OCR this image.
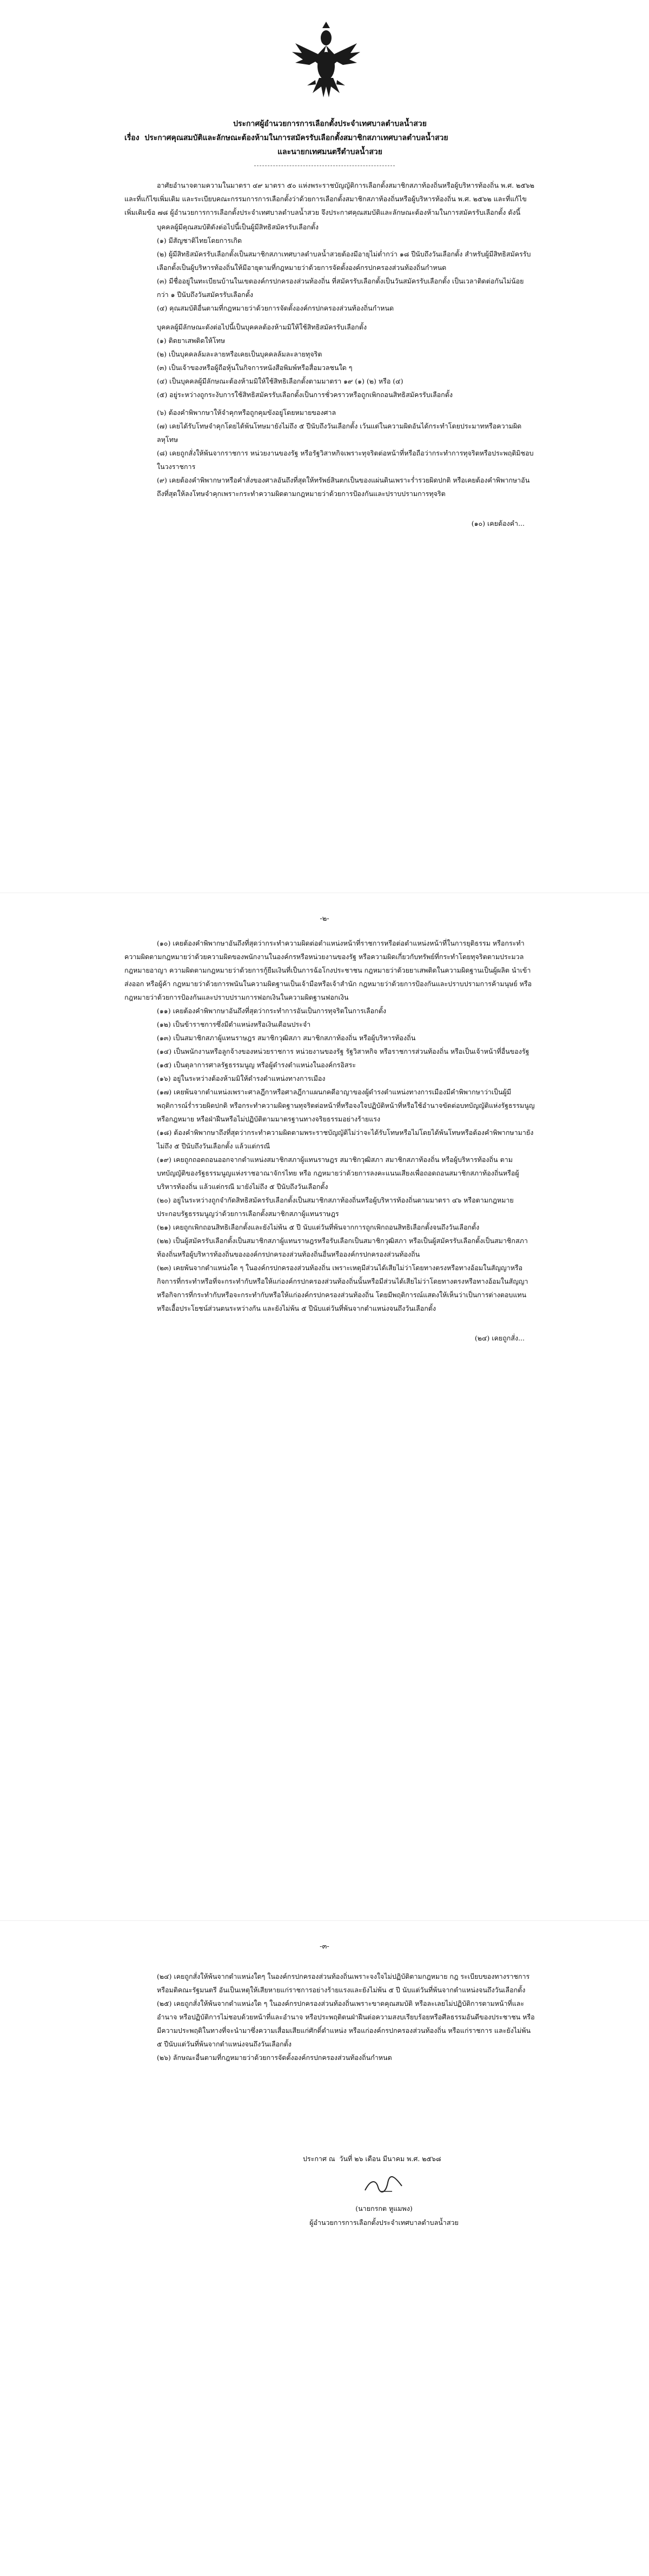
ประกาศผู้อำนวยการการเลือกตั้งประจำเทศบาลตำบลน้ำสวย
เรื่อง ประกาศคุณสมบัติและลักษณะต้องห้ามในการสมัครรับเลือกตั้งสมาชิกสภาเทศบาลตำบลน้ำสวย
และนายกเทศมนตรีตำบลน้ำสวย

อาศัยอำนาจตามความในมาตรา ๔๙ มาตรา ๕๐ แห่งพระราชบัญญัติการเลือกตั้งสมาชิกสภาท้องถิ่นหรือผู้บริหารท้องถิ่น พ.ศ. ๒๕๖๒ และที่แก้ไขเพิ่มเติม และระเบียบคณะกรรมการการเลือกตั้งว่าด้วยการเลือกตั้งสมาชิกสภาท้องถิ่นหรือผู้บริหารท้องถิ่น พ.ศ. ๒๕๖๒ และที่แก้ไขเพิ่มเติมข้อ ๗๘ ผู้อำนวยการการเลือกตั้งประจำเทศบาลตำบลน้ำสวย จึงประกาศคุณสมบัติและลักษณะต้องห้ามในการสมัครรับเลือกตั้ง ดังนี้

บุคคลผู้มีคุณสมบัติดังต่อไปนี้เป็นผู้มีสิทธิสมัครรับเลือกตั้ง

(๑) มีสัญชาติไทยโดยการเกิด

(๒) ผู้มีสิทธิสมัครรับเลือกตั้งเป็นสมาชิกสภาเทศบาลตำบลน้ำสวยต้องมีอายุไม่ต่ำกว่า ๑๘ ปีนับถึงวันเลือกตั้ง สำหรับผู้มีสิทธิสมัครรับเลือกตั้งเป็นผู้บริหารท้องถิ่นให้มีอายุตามที่กฎหมายว่าด้วยการจัดตั้งองค์กรปกครองส่วนท้องถิ่นกำหนด

(๓) มีชื่ออยู่ในทะเบียนบ้านในเขตองค์กรปกครองส่วนท้องถิ่น ที่สมัครรับเลือกตั้งเป็นวันสมัครรับเลือกตั้ง เป็นเวลาติดต่อกันไม่น้อยกว่า ๑ ปีนับถึงวันสมัครรับเลือกตั้ง

(๔) คุณสมบัติอื่นตามที่กฎหมายว่าด้วยการจัดตั้งองค์กรปกครองส่วนท้องถิ่นกำหนด

บุคคลผู้มีลักษณะดังต่อไปนี้เป็นบุคคลต้องห้ามมิให้ใช้สิทธิสมัครรับเลือกตั้ง

(๑) ติดยาเสพติดให้โทษ

(๒) เป็นบุคคลล้มละลายหรือเคยเป็นบุคคลล้มละลายทุจริต

(๓) เป็นเจ้าของหรือผู้ถือหุ้นในกิจการหนังสือพิมพ์หรือสื่อมวลชนใด ๆ

(๔) เป็นบุคคลผู้มีลักษณะต้องห้ามมิให้ใช้สิทธิเลือกตั้งตามมาตรา ๑๙ (๑) (๒) หรือ (๔)

(๕) อยู่ระหว่างถูกระงับการใช้สิทธิสมัครรับเลือกตั้งเป็นการชั่วคราวหรือถูกเพิกถอนสิทธิสมัครรับเลือกตั้ง

(๖) ต้องคำพิพากษาให้จำคุกหรือถูกคุมขังอยู่โดยหมายของศาล

(๗) เคยได้รับโทษจำคุกโดยได้พ้นโทษมายังไม่ถึง ๕ ปีนับถึงวันเลือกตั้ง เว้นแต่ในความผิดอันได้กระทำโดยประมาทหรือความผิดลหุโทษ

(๘) เคยถูกสั่งให้พ้นจากราชการ หน่วยงานของรัฐ หรือรัฐวิสาหกิจเพราะทุจริตต่อหน้าที่หรือถือว่ากระทำการทุจริตหรือประพฤติมิชอบในวงราชการ

(๙) เคยต้องคำพิพากษาหรือคำสั่งของศาลอันถึงที่สุดให้ทรัพย์สินตกเป็นของแผ่นดินเพราะร่ำรวยผิดปกติ หรือเคยต้องคำพิพากษาอันถึงที่สุดให้ลงโทษจำคุกเพราะกระทำความผิดตามกฎหมายว่าด้วยการป้องกันและปราบปรามการทุจริต

(๑๐) เคยต้องคำ...

-๒-

(๑๐) เคยต้องคำพิพากษาอันถึงที่สุดว่ากระทำความผิดต่อตำแหน่งหน้าที่ราชการหรือต่อตำแหน่งหน้าที่ในการยุติธรรม หรือกระทำความผิดตามกฎหมายว่าด้วยความผิดของพนักงานในองค์กรหรือหน่วยงานของรัฐ หรือความผิดเกี่ยวกับทรัพย์ที่กระทำโดยทุจริตตามประมวลกฎหมายอาญา ความผิดตามกฎหมายว่าด้วยการกู้ยืมเงินที่เป็นการฉ้อโกงประชาชน กฎหมายว่าด้วยยาเสพติดในความผิดฐานเป็นผู้ผลิต นำเข้า ส่งออก หรือผู้ค้า กฎหมายว่าด้วยการพนันในความผิดฐานเป็นเจ้ามือหรือเจ้าสำนัก กฎหมายว่าด้วยการป้องกันและปราบปรามการค้ามนุษย์ หรือ กฎหมายว่าด้วยการป้องกันและปราบปรามการฟอกเงินในความผิดฐานฟอกเงิน

(๑๑) เคยต้องคำพิพากษาอันถึงที่สุดว่ากระทำการอันเป็นการทุจริตในการเลือกตั้ง

(๑๒) เป็นข้าราชการซึ่งมีตำแหน่งหรือเงินเดือนประจำ

(๑๓) เป็นสมาชิกสภาผู้แทนราษฎร สมาชิกวุฒิสภา สมาชิกสภาท้องถิ่น หรือผู้บริหารท้องถิ่น

(๑๔) เป็นพนักงานหรือลูกจ้างของหน่วยราชการ หน่วยงานของรัฐ รัฐวิสาหกิจ หรือราชการส่วนท้องถิ่น หรือเป็นเจ้าหน้าที่อื่นของรัฐ

(๑๕) เป็นตุลาการศาลรัฐธรรมนูญ หรือผู้ดำรงตำแหน่งในองค์กรอิสระ

(๑๖) อยู่ในระหว่างต้องห้ามมิให้ดำรงตำแหน่งทางการเมือง

(๑๗) เคยพ้นจากตำแหน่งเพราะศาลฎีกาหรือศาลฎีกาแผนกคดีอาญาของผู้ดำรงตำแหน่งทางการเมืองมีคำพิพากษาว่าเป็นผู้มีพฤติการณ์ร่ำรวยผิดปกติ หรือกระทำความผิดฐานทุจริตต่อหน้าที่หรือจงใจปฏิบัติหน้าที่หรือใช้อำนาจขัดต่อบทบัญญัติแห่งรัฐธรรมนูญหรือกฎหมาย หรือฝ่าฝืนหรือไม่ปฏิบัติตามมาตรฐานทางจริยธรรมอย่างร้ายแรง

(๑๘) ต้องคำพิพากษาถึงที่สุดว่ากระทำความผิดตามพระราชบัญญัติไม่ว่าจะได้รับโทษหรือไม่โดยได้พ้นโทษหรือต้องคำพิพากษามายังไม่ถึง ๕ ปีนับถึงวันเลือกตั้ง แล้วแต่กรณี

(๑๙) เคยถูกถอดถอนออกจากตำแหน่งสมาชิกสภาผู้แทนราษฎร สมาชิกวุฒิสภา สมาชิกสภาท้องถิ่น หรือผู้บริหารท้องถิ่น ตามบทบัญญัติของรัฐธรรมนูญแห่งราชอาณาจักรไทย หรือ กฎหมายว่าด้วยการลงคะแนนเสียงเพื่อถอดถอนสมาชิกสภาท้องถิ่นหรือผู้บริหารท้องถิ่น แล้วแต่กรณี มายังไม่ถึง ๕ ปีนับถึงวันเลือกตั้ง

(๒๐) อยู่ในระหว่างถูกจำกัดสิทธิสมัครรับเลือกตั้งเป็นสมาชิกสภาท้องถิ่นหรือผู้บริหารท้องถิ่นตามมาตรา ๔๖ หรือตามกฎหมายประกอบรัฐธรรมนูญว่าด้วยการเลือกตั้งสมาชิกสภาผู้แทนราษฎร

(๒๑) เคยถูกเพิกถอนสิทธิเลือกตั้งและยังไม่พ้น ๕ ปี นับแต่วันที่พ้นจากการถูกเพิกถอนสิทธิเลือกตั้งจนถึงวันเลือกตั้ง

(๒๒) เป็นผู้สมัครรับเลือกตั้งเป็นสมาชิกสภาผู้แทนราษฎรหรือรับเลือกเป็นสมาชิกวุฒิสภา หรือเป็นผู้สมัครรับเลือกตั้งเป็นสมาชิกสภาท้องถิ่นหรือผู้บริหารท้องถิ่นขององค์กรปกครองส่วนท้องถิ่นอื่นหรือองค์กรปกครองส่วนท้องถิ่น

(๒๓) เคยพ้นจากตำแหน่งใด ๆ ในองค์กรปกครองส่วนท้องถิ่น เพราะเหตุมีส่วนได้เสียไม่ว่าโดยทางตรงหรือทางอ้อมในสัญญาหรือกิจการที่กระทำหรือที่จะกระทำกับหรือให้แก่องค์กรปกครองส่วนท้องถิ่นนั้นหรือมีส่วนได้เสียไม่ว่าโดยทางตรงหรือทางอ้อมในสัญญาหรือกิจการที่กระทำกับหรือจะกระทำกับหรือให้แก่องค์กรปกครองส่วนท้องถิ่น โดยมีพฤติการณ์แสดงให้เห็นว่าเป็นการต่างตอบแทนหรือเอื้อประโยชน์ส่วนตนระหว่างกัน และยังไม่พ้น ๕ ปีนับแต่วันที่พ้นจากตำแหน่งจนถึงวันเลือกตั้ง

(๒๔) เคยถูกสั่ง...

-๓-

(๒๔) เคยถูกสั่งให้พ้นจากตำแหน่งใดๆ ในองค์กรปกครองส่วนท้องถิ่นเพราะจงใจไม่ปฏิบัติตามกฎหมาย กฎ ระเบียบของทางราชการ หรือมติคณะรัฐมนตรี อันเป็นเหตุให้เสียหายแก่ราชการอย่างร้ายแรงและยังไม่พ้น ๕ ปี นับแต่วันที่พ้นจากตำแหน่งจนถึงวันเลือกตั้ง

(๒๕) เคยถูกสั่งให้พ้นจากตำแหน่งใด ๆ ในองค์กรปกครองส่วนท้องถิ่นเพราะขาดคุณสมบัติ หรือละเลยไม่ปฏิบัติการตามหน้าที่และอำนาจ หรือปฏิบัติการไม่ชอบด้วยหน้าที่และอำนาจ หรือประพฤติตนฝ่าฝืนต่อความสงบเรียบร้อยหรือศีลธรรมอันดีของประชาชน หรือมีความประพฤติในทางที่จะนำมาซึ่งความเสื่อมเสียแก่ศักดิ์ตำแหน่ง หรือแก่องค์กรปกครองส่วนท้องถิ่น หรือแก่ราชการ และยังไม่พ้น ๕ ปีนับแต่วันที่พ้นจากตำแหน่งจนถึงวันเลือกตั้ง

(๒๖) ลักษณะอื่นตามที่กฎหมายว่าด้วยการจัดตั้งองค์กรปกครองส่วนท้องถิ่นกำหนด

ประกาศ ณ วันที่ ๒๖ เดือน มีนาคม พ.ศ. ๒๕๖๘
(นายกรกต หูแมพง)
ผู้อำนวยการการเลือกตั้งประจำเทศบาลตำบลน้ำสวย
